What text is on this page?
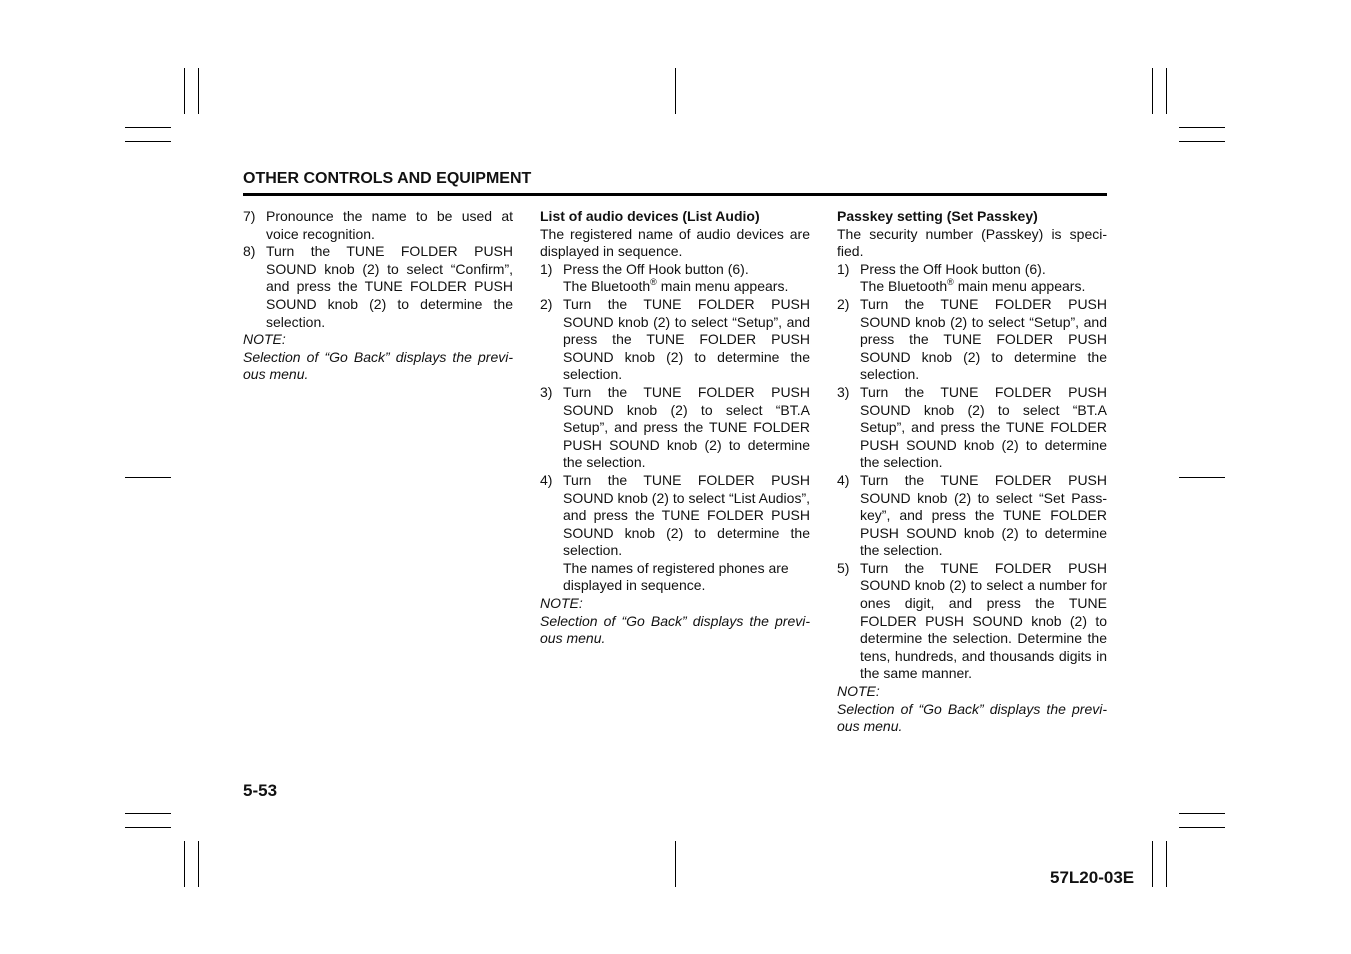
OTHER CONTROLS AND EQUIPMENT
7) Pronounce the name to be used at voice recognition.
8) Turn the TUNE FOLDER PUSH SOUND knob (2) to select “Confirm”, and press the TUNE FOLDER PUSH SOUND knob (2) to determine the selection.
NOTE:
Selection of “Go Back” displays the previ-ous menu.
List of audio devices (List Audio)
The registered name of audio devices are displayed in sequence.
1) Press the Off Hook button (6).
The Bluetooth® main menu appears.
2) Turn the TUNE FOLDER PUSH SOUND knob (2) to select “Setup”, and press the TUNE FOLDER PUSH SOUND knob (2) to determine the selection.
3) Turn the TUNE FOLDER PUSH SOUND knob (2) to select “BT.A Setup”, and press the TUNE FOLDER PUSH SOUND knob (2) to determine the selection.
4) Turn the TUNE FOLDER PUSH SOUND knob (2) to select “List Audios”, and press the TUNE FOLDER PUSH SOUND knob (2) to determine the selection.
The names of registered phones are displayed in sequence.
NOTE:
Selection of “Go Back” displays the previ-ous menu.
Passkey setting (Set Passkey)
The security number (Passkey) is speci-fied.
1) Press the Off Hook button (6).
The Bluetooth® main menu appears.
2) Turn the TUNE FOLDER PUSH SOUND knob (2) to select “Setup”, and press the TUNE FOLDER PUSH SOUND knob (2) to determine the selection.
3) Turn the TUNE FOLDER PUSH SOUND knob (2) to select “BT.A Setup”, and press the TUNE FOLDER PUSH SOUND knob (2) to determine the selection.
4) Turn the TUNE FOLDER PUSH SOUND knob (2) to select “Set Pass-key”, and press the TUNE FOLDER PUSH SOUND knob (2) to determine the selection.
5) Turn the TUNE FOLDER PUSH SOUND knob (2) to select a number for ones digit, and press the TUNE FOLDER PUSH SOUND knob (2) to determine the selection. Determine the tens, hundreds, and thousands digits in the same manner.
NOTE:
Selection of “Go Back” displays the previ-ous menu.
5-53
57L20-03E
